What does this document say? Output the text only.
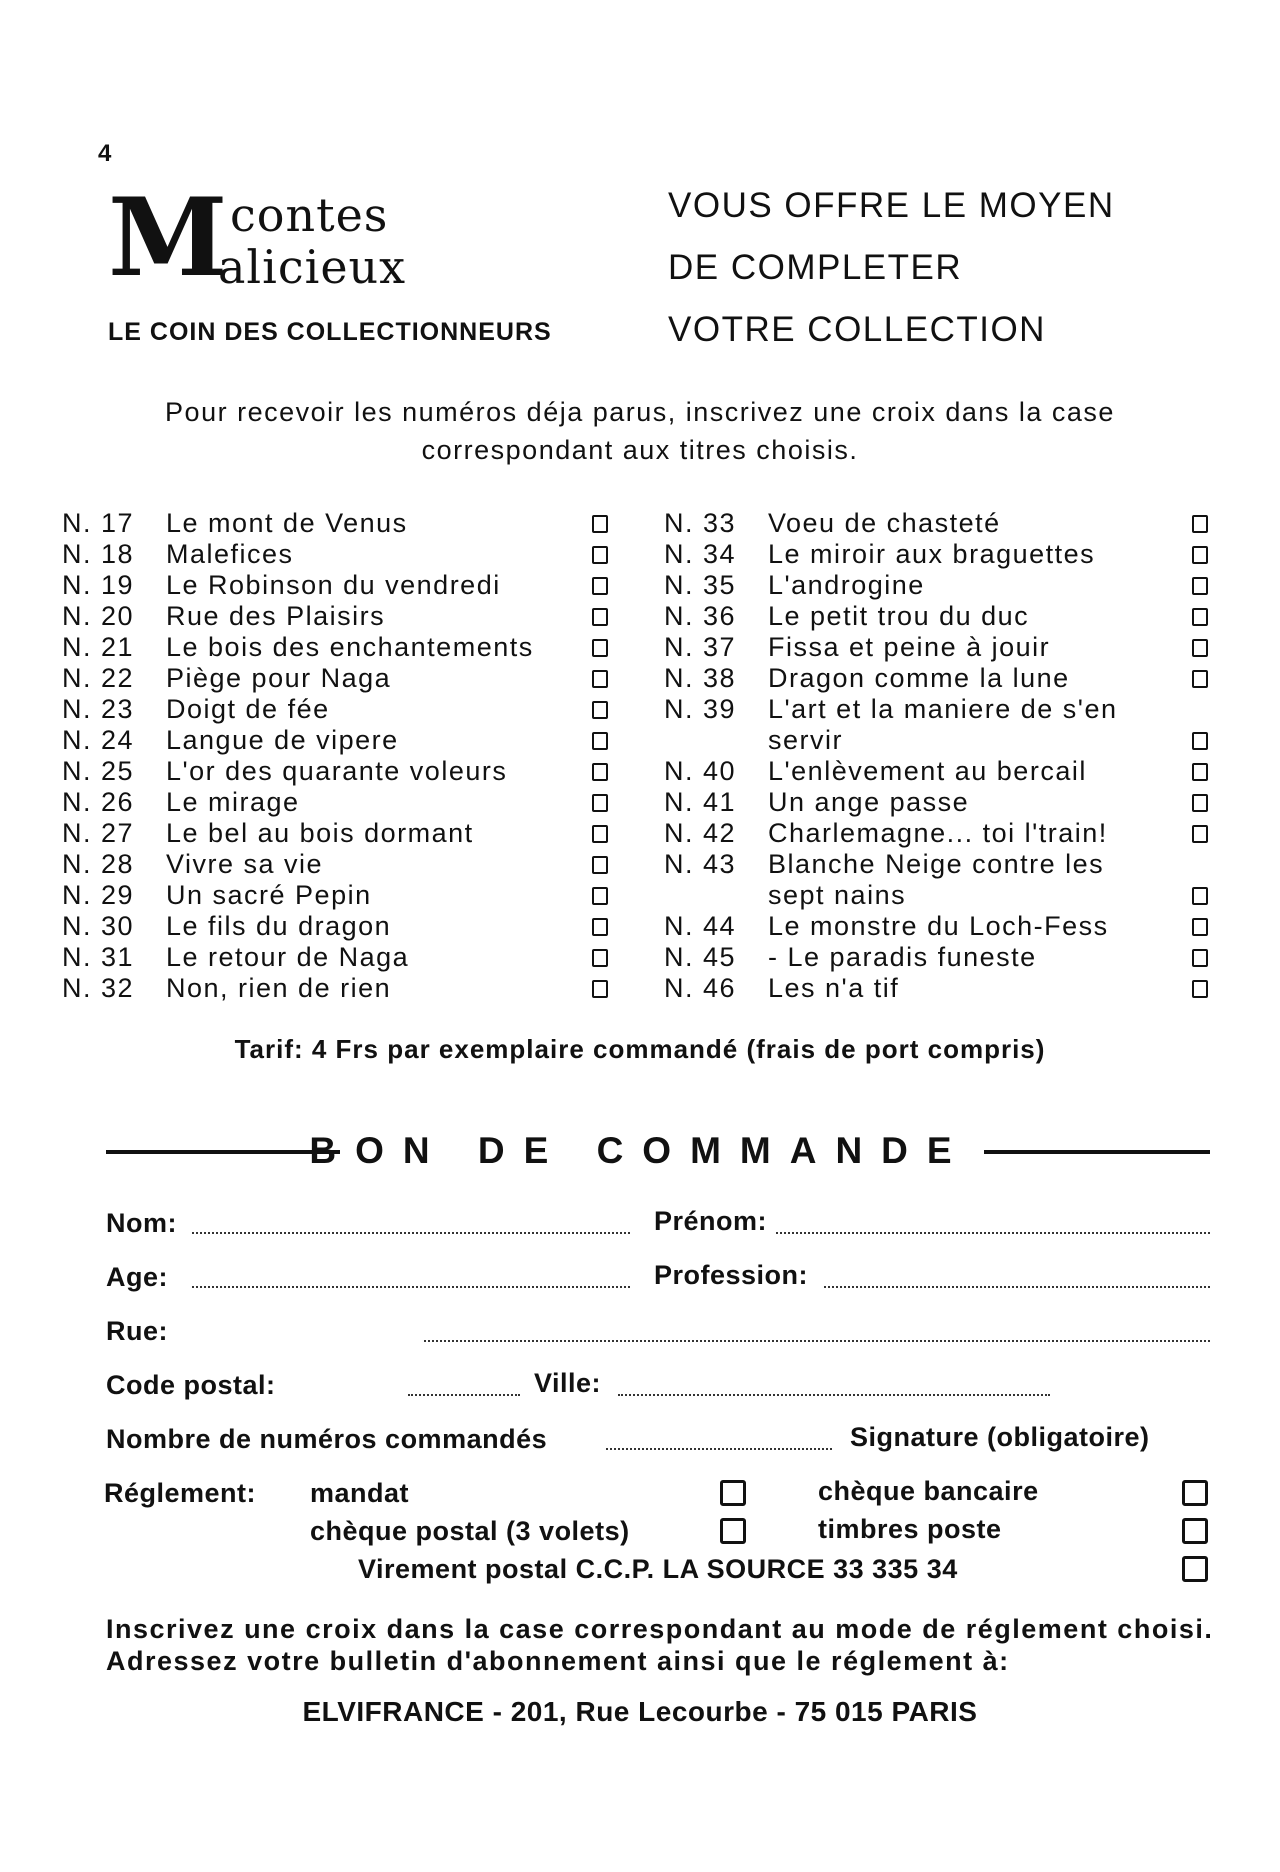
4
M contes
alicieux
LE COIN DES COLLECTIONNEURS
VOUS OFFRE LE MOYEN
DE COMPLETER
VOTRE COLLECTION
Pour recevoir les numéros déja parus, inscrivez une croix dans la case
correspondant aux titres choisis.
N. 17 Le mont de Venus
N. 18 Malefices
N. 19 Le Robinson du vendredi
N. 20 Rue des Plaisirs
N. 21 Le bois des enchantements
N. 22 Piège pour Naga
N. 23 Doigt de fée
N. 24 Langue de vipere
N. 25 L'or des quarante voleurs
N. 26 Le mirage
N. 27 Le bel au bois dormant
N. 28 Vivre sa vie
N. 29 Un sacré Pepin
N. 30 Le fils du dragon
N. 31 Le retour de Naga
N. 32 Non, rien de rien
N. 33 Voeu de chasteté
N. 34 Le miroir aux braguettes
N. 35 L'androgine
N. 36 Le petit trou du duc
N. 37 Fissa et peine à jouir
N. 38 Dragon comme la lune
N. 39 L'art et la maniere de s'en
servir
N. 40 L'enlèvement au bercail
N. 41 Un ange passe
N. 42 Charlemagne... toi l'train!
N. 43 Blanche Neige contre les
sept nains
N. 44 Le monstre du Loch-Fess
N. 45 - Le paradis funeste
N. 46 Les n'a tif
Tarif: 4 Frs par exemplaire commandé (frais de port compris)
BON DE COMMANDE
Nom:	Prénom:
Age:	Profession:
Rue:
Code postal:	Ville:
Nombre de numéros commandés	Signature (obligatoire)
Réglement: mandat	chèque bancaire
chèque postal (3 volets)	timbres poste
Virement postal C.C.P. LA SOURCE 33 335 34
Inscrivez une croix dans la case correspondant au mode de réglement choisi.
Adressez votre bulletin d'abonnement ainsi que le réglement à:
ELVIFRANCE - 201, Rue Lecourbe - 75 015 PARIS
